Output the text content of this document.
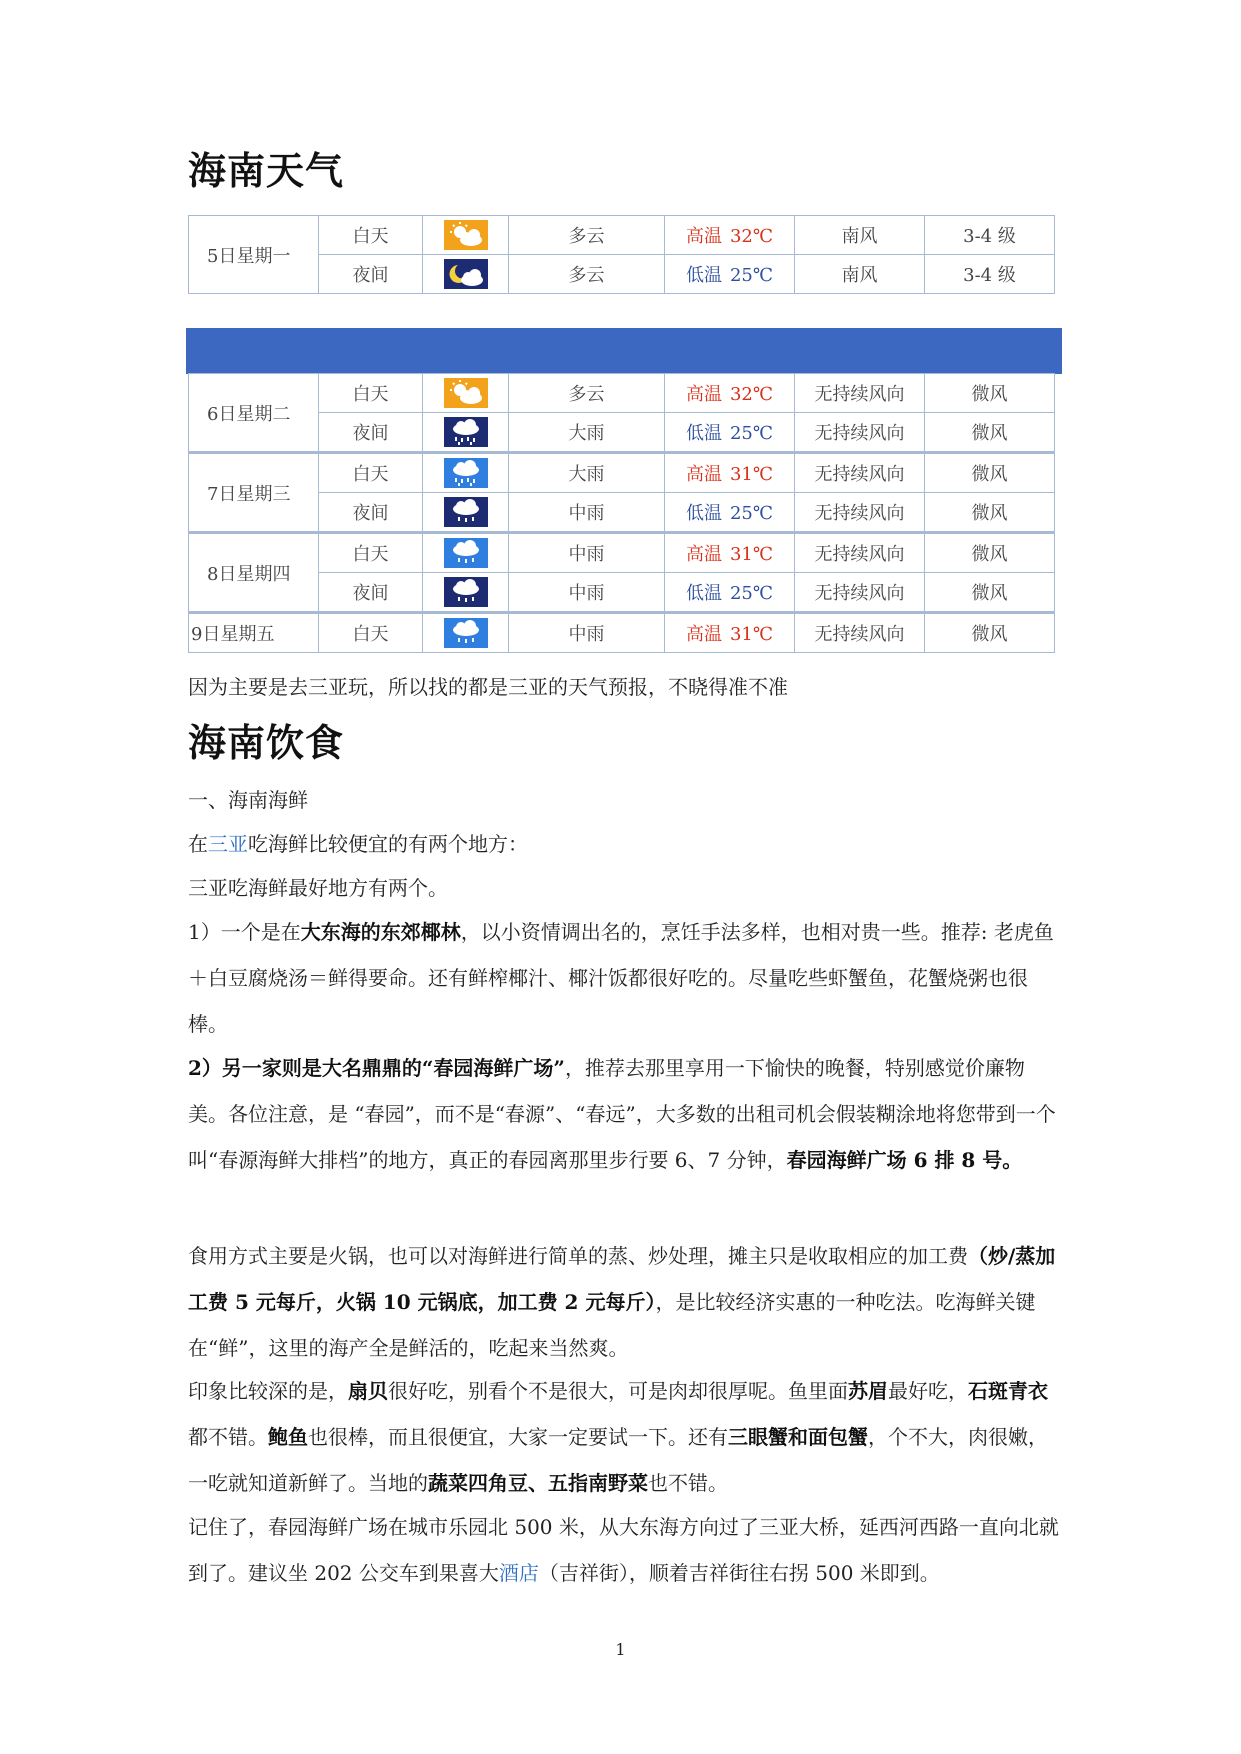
海南天气
5日星期一	白天		多云	高温 32℃	南风	3-4 级
	夜间		多云	低温 25℃	南风	3-4 级
6日星期二	白天		多云	高温 32℃	无持续风向	微风
	夜间		大雨	低温 25℃	无持续风向	微风
7日星期三	白天		大雨	高温 31℃	无持续风向	微风
	夜间		中雨	低温 25℃	无持续风向	微风
8日星期四	白天		中雨	高温 31℃	无持续风向	微风
	夜间		中雨	低温 25℃	无持续风向	微风
9日星期五	白天		中雨	高温 31℃	无持续风向	微风
因为主要是去三亚玩，所以找的都是三亚的天气预报，不晓得准不准
海南饮食
一、海南海鲜
在三亚吃海鲜比较便宜的有两个地方：
三亚吃海鲜最好地方有两个。
1）一个是在大东海的东郊椰林，以小资情调出名的，烹饪手法多样，也相对贵一些。推荐: 老虎鱼＋白豆腐烧汤＝鲜得要命。还有鲜榨椰汁、椰汁饭都很好吃的。尽量吃些虾蟹鱼，花蟹烧粥也很棒。
2）另一家则是大名鼎鼎的“春园海鲜广场”，推荐去那里享用一下愉快的晚餐，特别感觉价廉物美。各位注意，是 “春园”，而不是“春源”、“春远”，大多数的出租司机会假装糊涂地将您带到一个叫“春源海鲜大排档”的地方，真正的春园离那里步行要 6、7 分钟，春园海鲜广场 6 排 8 号。
食用方式主要是火锅，也可以对海鲜进行简单的蒸、炒处理，摊主只是收取相应的加工费（炒/蒸加工费 5 元每斤，火锅 10 元锅底，加工费 2 元每斤），是比较经济实惠的一种吃法。吃海鲜关键在“鲜”，这里的海产全是鲜活的，吃起来当然爽。
印象比较深的是，扇贝很好吃，别看个不是很大，可是肉却很厚呢。鱼里面苏眉最好吃，石斑青衣都不错。鲍鱼也很棒，而且很便宜，大家一定要试一下。还有三眼蟹和面包蟹，个不大，肉很嫩，一吃就知道新鲜了。当地的蔬菜四角豆、五指南野菜也不错。
记住了，春园海鲜广场在城市乐园北 500 米，从大东海方向过了三亚大桥，延西河西路一直向北就到了。建议坐 202 公交车到果喜大酒店（吉祥街），顺着吉祥街往右拐 500 米即到。
1
